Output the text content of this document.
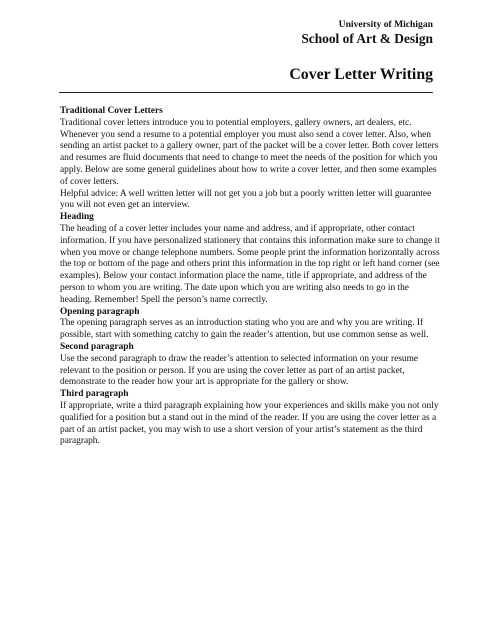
University of Michigan
School of Art & Design
Cover Letter Writing

Traditional Cover Letters

Traditional cover letters introduce you to potential employers, gallery owners, art dealers, etc. Whenever you send a resume to a potential employer you must also send a cover letter. Also, when sending an artist packet to a gallery owner, part of the packet will be a cover letter. Both cover letters and resumes are fluid documents that need to change to meet the needs of the position for which you apply. Below are some general guidelines about how to write a cover letter, and then some examples of cover letters.

Helpful advice: A well written letter will not get you a job but a poorly written letter will guarantee you will not even get an interview.

Heading

The heading of a cover letter includes your name and address, and if appropriate, other contact information. If you have personalized stationery that contains this information make sure to change it when you move or change telephone numbers. Some people print the information horizontally across the top or bottom of the page and others print this information in the top right or left hand corner (see examples). Below your contact information place the name, title if appropriate, and address of the person to whom you are writing. The date upon which you are writing also needs to go in the heading. Remember! Spell the person’s name correctly.

Opening paragraph

The opening paragraph serves as an introduction stating who you are and why you are writing. If possible, start with something catchy to gain the reader’s attention, but use common sense as well.

Second paragraph

Use the second paragraph to draw the reader’s attention to selected information on your resume relevant to the position or person. If you are using the cover letter as part of an artist packet, demonstrate to the reader how your art is appropriate for the gallery or show.

Third paragraph

If appropriate, write a third paragraph explaining how your experiences and skills make you not only qualified for a position but a stand out in the mind of the reader. If you are using the cover letter as a part of an artist packet, you may wish to use a short version of your artist’s statement as the third paragraph.
